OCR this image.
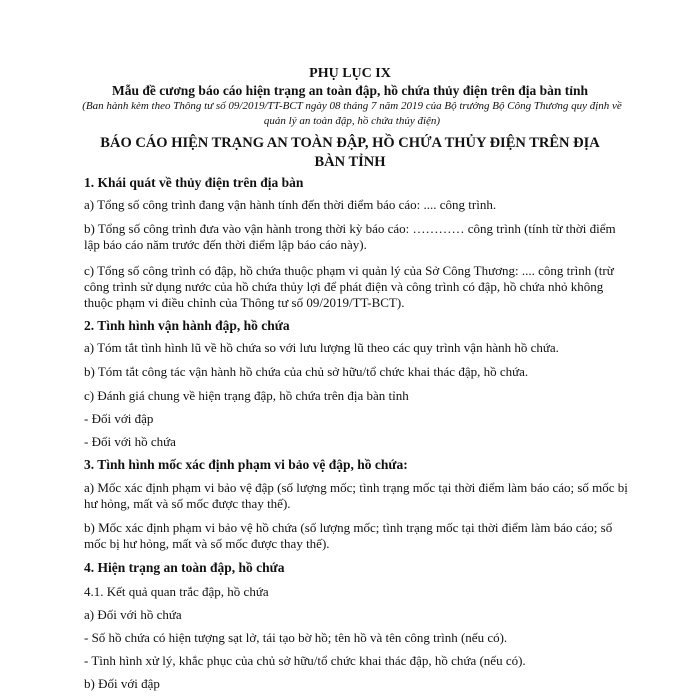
PHỤ LỤC IX
Mẫu đề cương báo cáo hiện trạng an toàn đập, hồ chứa thủy điện trên địa bàn tỉnh
(Ban hành kèm theo Thông tư số 09/2019/TT-BCT ngày 08 tháng 7 năm 2019 của Bộ trưởng Bộ Công Thương quy định về quản lý an toàn đập, hồ chứa thủy điện)
BÁO CÁO HIỆN TRẠNG AN TOÀN ĐẬP, HỒ CHỨA THỦY ĐIỆN TRÊN ĐỊA BÀN TỈNH
1. Khái quát về thủy điện trên địa bàn
a) Tổng số công trình đang vận hành tính đến thời điểm báo cáo: .... công trình.
b) Tổng số công trình đưa vào vận hành trong thời kỳ báo cáo: ………… công trình (tính từ thời điểm lập báo cáo năm trước đến thời điểm lập báo cáo này).
c) Tổng số công trình có đập, hồ chứa thuộc phạm vi quản lý của Sở Công Thương: .... công trình (trừ công trình sử dụng nước của hồ chứa thủy lợi để phát điện và công trình có đập, hồ chứa nhỏ không thuộc phạm vi điều chỉnh của Thông tư số 09/2019/TT-BCT).
2. Tình hình vận hành đập, hồ chứa
a) Tóm tắt tình hình lũ về hồ chứa so với lưu lượng lũ theo các quy trình vận hành hồ chứa.
b) Tóm tắt công tác vận hành hồ chứa của chủ sở hữu/tổ chức khai thác đập, hồ chứa.
c) Đánh giá chung về hiện trạng đập, hồ chứa trên địa bàn tỉnh
- Đối với đập
- Đối với hồ chứa
3. Tình hình mốc xác định phạm vi bảo vệ đập, hồ chứa:
a) Mốc xác định phạm vi bảo vệ đập (số lượng mốc; tình trạng mốc tại thời điểm làm báo cáo; số mốc bị hư hỏng, mất và số mốc được thay thế).
b) Mốc xác định phạm vi bảo vệ hồ chứa (số lượng mốc; tình trạng mốc tại thời điểm làm báo cáo; số mốc bị hư hỏng, mất và số mốc được thay thế).
4. Hiện trạng an toàn đập, hồ chứa
4.1. Kết quả quan trắc đập, hồ chứa
a) Đối với hồ chứa
- Số hồ chứa có hiện tượng sạt lở, tái tạo bờ hồ; tên hồ và tên công trình (nếu có).
- Tình hình xử lý, khắc phục của chủ sở hữu/tổ chức khai thác đập, hồ chứa (nếu có).
b) Đối với đập
